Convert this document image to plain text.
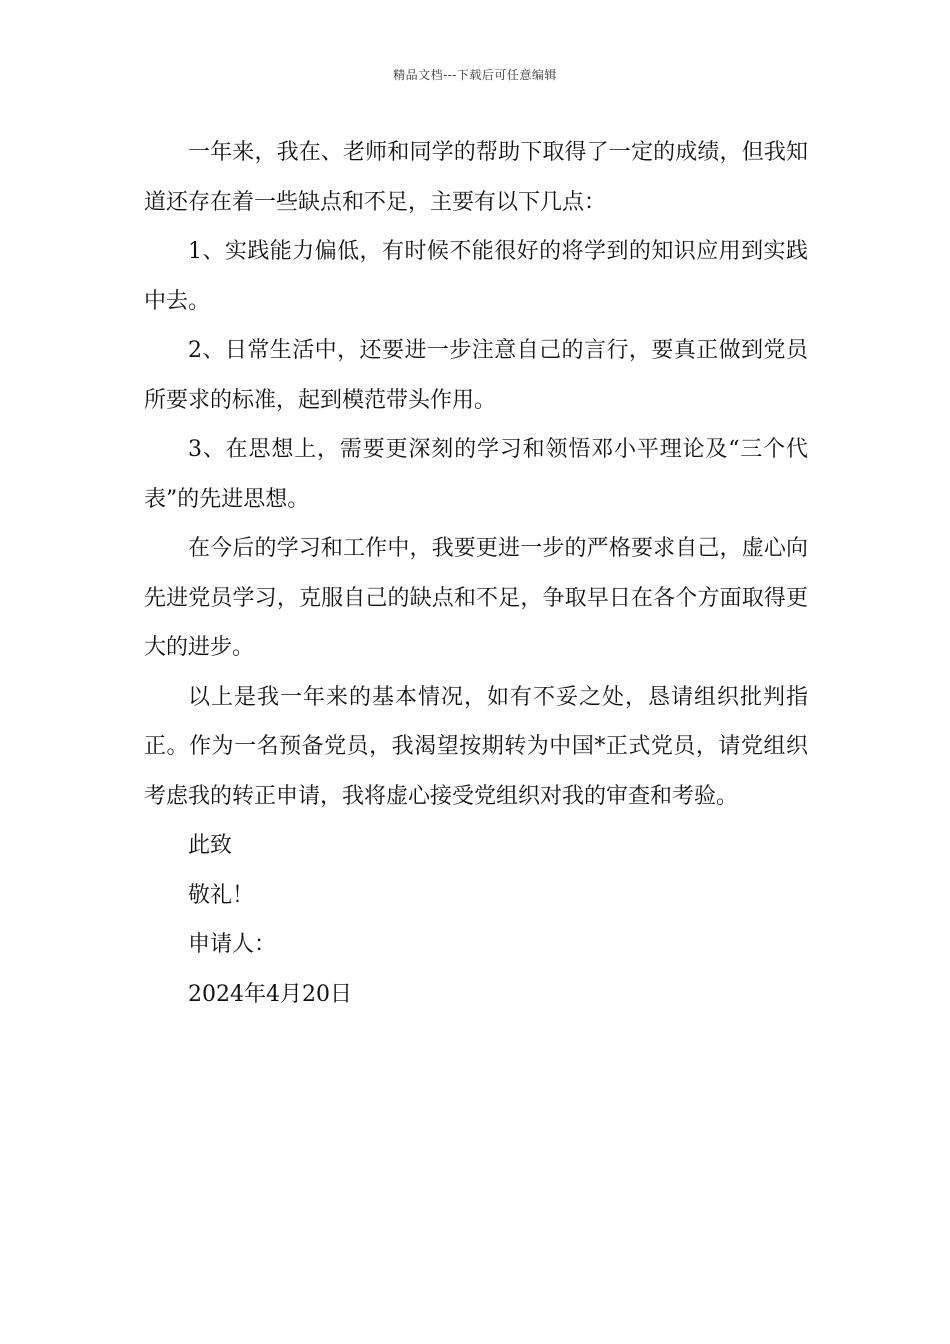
精品文档---下载后可任意编辑

一年来，我在、老师和同学的帮助下取得了一定的成绩，但我知道还存在着一些缺点和不足，主要有以下几点：

1、实践能力偏低，有时候不能很好的将学到的知识应用到实践中去。

2、日常生活中，还要进一步注意自己的言行，要真正做到党员所要求的标准，起到模范带头作用。

3、在思想上，需要更深刻的学习和领悟邓小平理论及“三个代表”的先进思想。

在今后的学习和工作中，我要更进一步的严格要求自己，虚心向先进党员学习，克服自己的缺点和不足，争取早日在各个方面取得更大的进步。

以上是我一年来的基本情况，如有不妥之处，恳请组织批判指正。作为一名预备党员，我渴望按期转为中国*正式党员，请党组织考虑我的转正申请，我将虚心接受党组织对我的审查和考验。

此致

敬礼！

申请人：

2024年4月20日
